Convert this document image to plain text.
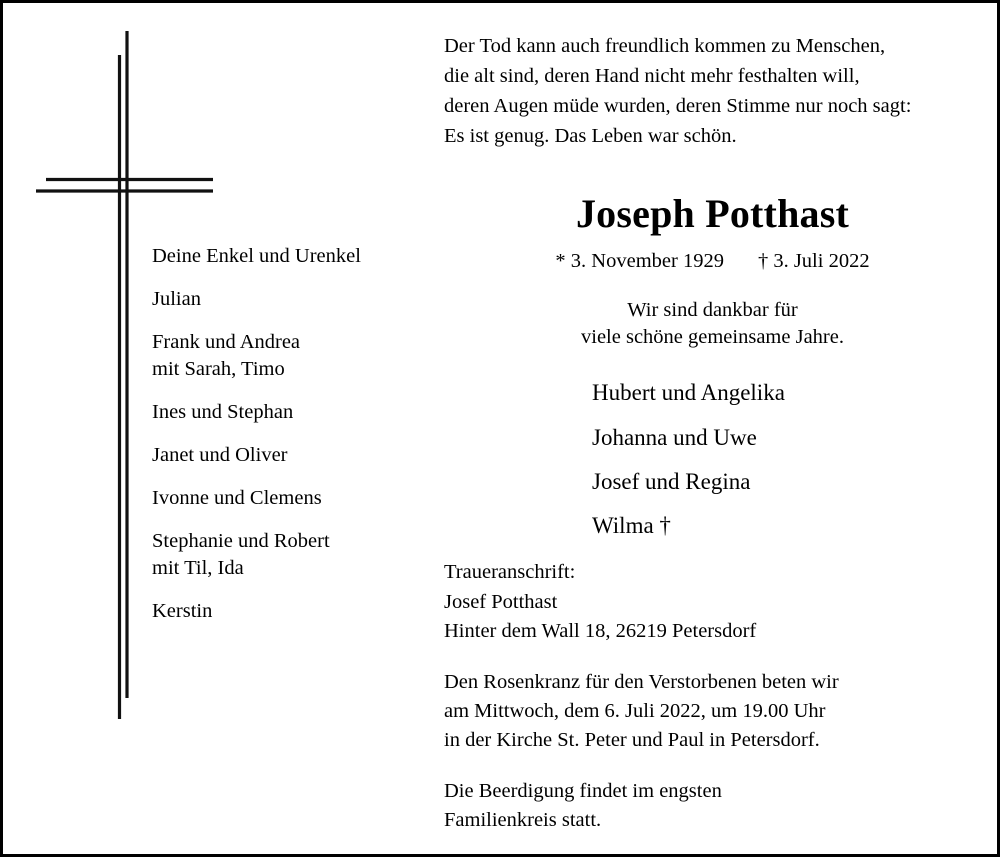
Deine Enkel und Urenkel
Julian
Frank und Andrea
mit Sarah, Timo
Ines und Stephan
Janet und Oliver
Ivonne und Clemens
Stephanie und Robert
mit Til, Ida
Kerstin
Der Tod kann auch freundlich kommen zu Menschen,
die alt sind, deren Hand nicht mehr festhalten will,
deren Augen müde wurden, deren Stimme nur noch sagt:
Es ist genug. Das Leben war schön.
Joseph Potthast
* 3. November 1929 † 3. Juli 2022
Wir sind dankbar für
viele schöne gemeinsame Jahre.
Hubert und Angelika
Johanna und Uwe
Josef und Regina
Wilma †
Traueranschrift:
Josef Potthast
Hinter dem Wall 18, 26219 Petersdorf
Den Rosenkranz für den Verstorbenen beten wir
am Mittwoch, dem 6. Juli 2022, um 19.00 Uhr
in der Kirche St. Peter und Paul in Petersdorf.
Die Beerdigung findet im engsten
Familienkreis statt.
